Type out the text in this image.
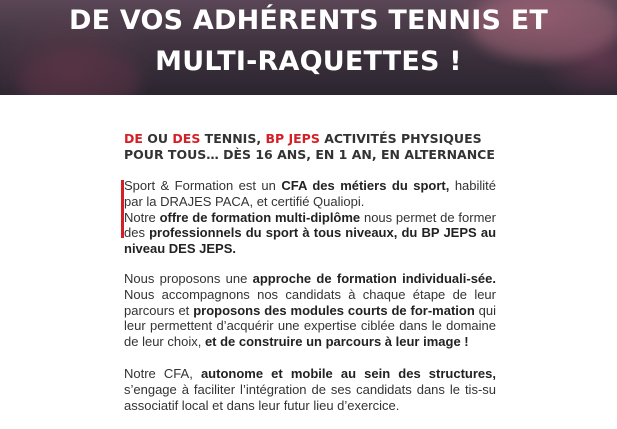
DE VOS ADHÉRENTS TENNIS ET
MULTI-RAQUETTES !
DE OU DES TENNIS, BP JEPS ACTIVITÉS PHYSIQUES
POUR TOUS… DÈS 16 ANS, EN 1 AN, EN ALTERNANCE
Sport & Formation est un CFA des métiers du sport, habilité par la DRAJES PACA, et certifié Qualiopi.
Notre offre de formation multi-diplôme nous permet de former des professionnels du sport à tous niveaux, du BP JEPS au niveau DES JEPS.

Nous proposons une approche de formation individuali-sée. Nous accompagnons nos candidats à chaque étape de leur parcours et proposons des modules courts de for-mation qui leur permettent d’acquérir une expertise ciblée dans le domaine de leur choix, et de construire un parcours à leur image !

Notre CFA, autonome et mobile au sein des structures, s’engage à faciliter l’intégration de ses candidats dans le tis-su associatif local et dans leur futur lieu d’exercice.
